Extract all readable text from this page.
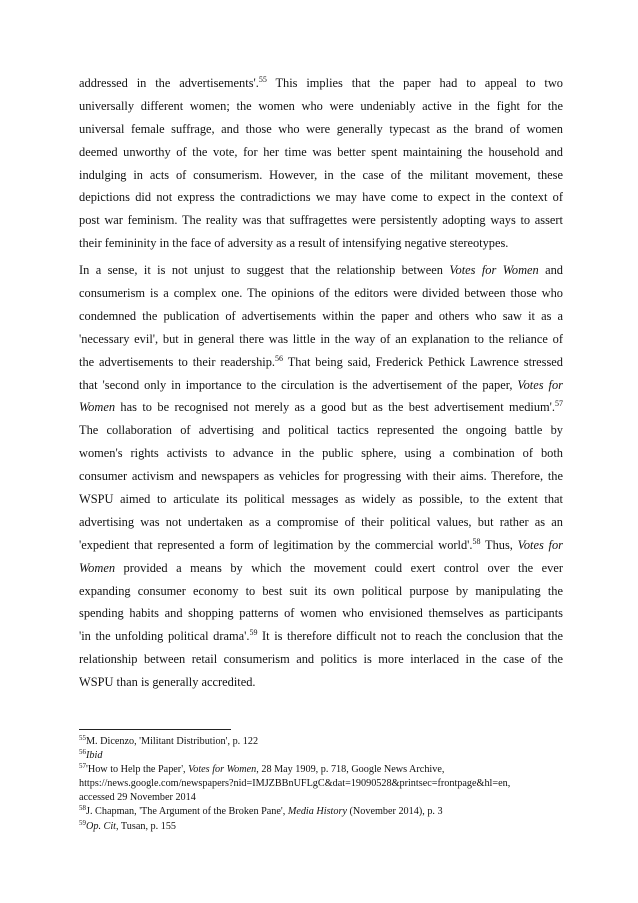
addressed in the advertisements'.$^{55}$ This implies that the paper had to appeal to two
universally different women; the women who were undeniably active in the fight for the
universal female suffrage, and those who were generally typecast as the brand of women
deemed unworthy of the vote, for her time was better spent maintaining the household and
indulging in acts of consumerism. However, in the case of the militant movement, these
depictions did not express the contradictions we may have come to expect in the context of
post war feminism. The reality was that suffragettes were persistently adopting ways to assert
their femininity in the face of adversity as a result of intensifying negative stereotypes.
In a sense, it is not unjust to suggest that the relationship between Votes for Women and
consumerism is a complex one. The opinions of the editors were divided between those who
condemned the publication of advertisements within the paper and others who saw it as a
'necessary evil', but in general there was little in the way of an explanation to the reliance of
the advertisements to their readership.$^{56}$ That being said, Frederick Pethick Lawrence stressed
that 'second only in importance to the circulation is the advertisement of the paper, Votes for
Women has to be recognised not merely as a good but as the best advertisement medium'.$^{57}$
The collaboration of advertising and political tactics represented the ongoing battle by
women's rights activists to advance in the public sphere, using a combination of both
consumer activism and newspapers as vehicles for progressing with their aims. Therefore, the
WSPU aimed to articulate its political messages as widely as possible, to the extent that
advertising was not undertaken as a compromise of their political values, but rather as an
'expedient that represented a form of legitimation by the commercial world'.$^{58}$ Thus, Votes for
Women provided a means by which the movement could exert control over the ever
expanding consumer economy to best suit its own political purpose by manipulating the
spending habits and shopping patterns of women who envisioned themselves as participants
'in the unfolding political drama'.$^{59}$ It is therefore difficult not to reach the conclusion that the
relationship between retail consumerism and politics is more interlaced in the case of the
WSPU than is generally accredited.
$^{55}$M. Dicenzo, 'Militant Distribution', p. 122
$^{56}$Ibid
$^{57}$'How to Help the Paper', Votes for Women, 28 May 1909, p. 718, Google News Archive,
https://news.google.com/newspapers?nid=IMJZBBnUFLgC&dat=19090528&printsec=frontpage&hl=en,
accessed 29 November 2014
$^{58}$J. Chapman, 'The Argument of the Broken Pane', Media History (November 2014), p. 3
$^{59}$Op. Cit, Tusan, p. 155
